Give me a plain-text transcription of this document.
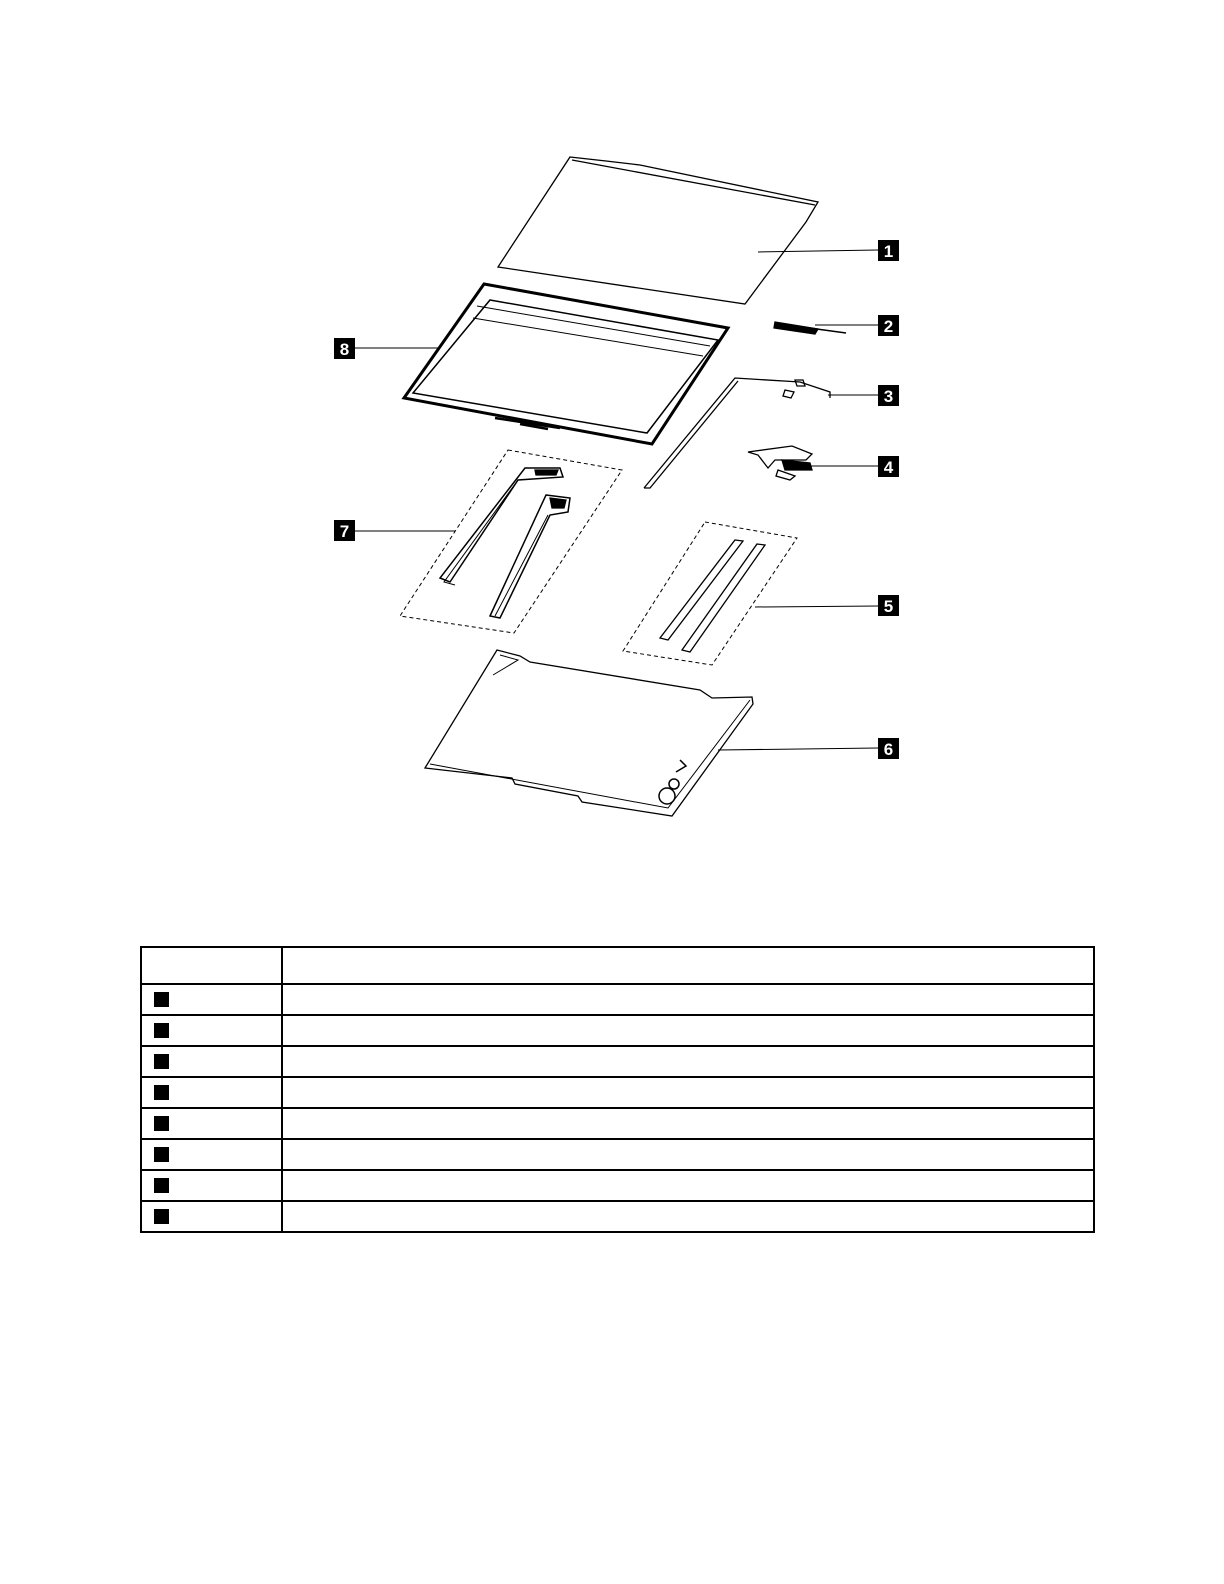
1
2
3
4
5
6
7
8
